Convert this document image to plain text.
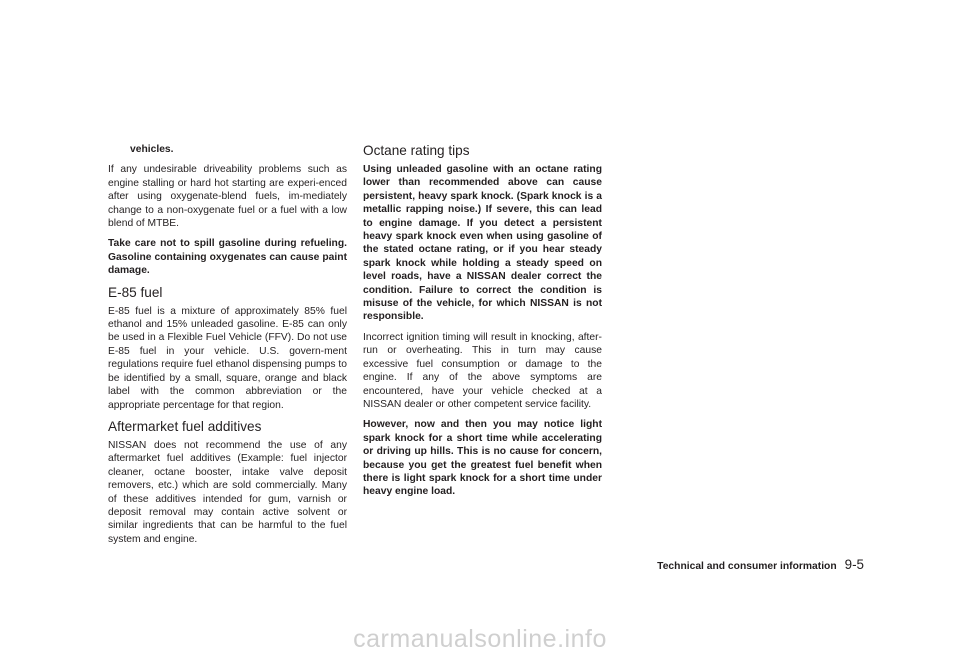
vehicles.

If any undesirable driveability problems such as engine stalling or hard hot starting are experi-enced after using oxygenate-blend fuels, im-mediately change to a non-oxygenate fuel or a fuel with a low blend of MTBE.

Take care not to spill gasoline during refueling. Gasoline containing oxygenates can cause paint damage.

E-85 fuel

E-85 fuel is a mixture of approximately 85% fuel ethanol and 15% unleaded gasoline. E-85 can only be used in a Flexible Fuel Vehicle (FFV). Do not use E-85 fuel in your vehicle. U.S. govern-ment regulations require fuel ethanol dispensing pumps to be identified by a small, square, orange and black label with the common abbreviation or the appropriate percentage for that region.

Aftermarket fuel additives

NISSAN does not recommend the use of any aftermarket fuel additives (Example: fuel injector cleaner, octane booster, intake valve deposit removers, etc.) which are sold commercially. Many of these additives intended for gum, varnish or deposit removal may contain active solvent or similar ingredients that can be harmful to the fuel system and engine.

Octane rating tips

Using unleaded gasoline with an octane rating lower than recommended above can cause persistent, heavy spark knock. (Spark knock is a metallic rapping noise.) If severe, this can lead to engine damage. If you detect a persistent heavy spark knock even when using gasoline of the stated octane rating, or if you hear steady spark knock while holding a steady speed on level roads, have a NISSAN dealer correct the condition. Failure to correct the condition is misuse of the vehicle, for which NISSAN is not responsible.

Incorrect ignition timing will result in knocking, after-run or overheating. This in turn may cause excessive fuel consumption or damage to the engine. If any of the above symptoms are encountered, have your vehicle checked at a NISSAN dealer or other competent service facility.

However, now and then you may notice light spark knock for a short time while accelerating or driving up hills. This is no cause for concern, because you get the greatest fuel benefit when there is light spark knock for a short time under heavy engine load.

Technical and consumer information 9-5
carmanualsonline.info
